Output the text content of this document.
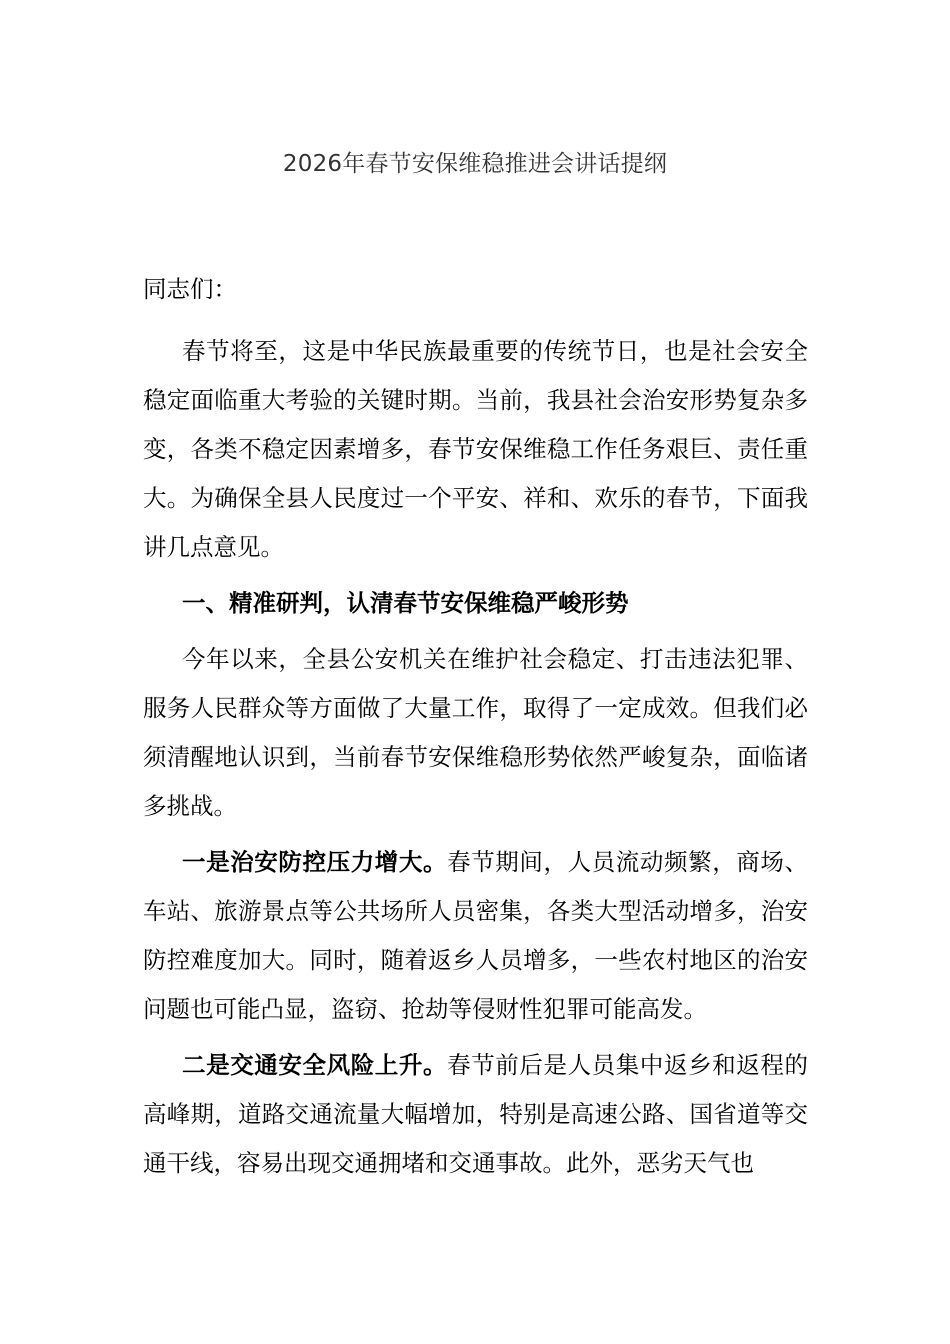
2026年春节安保维稳推进会讲话提纲
同志们：

春节将至，这是中华民族最重要的传统节日，也是社会安全稳定面临重大考验的关键时期。当前，我县社会治安形势复杂多变，各类不稳定因素增多，春节安保维稳工作任务艰巨、责任重大。为确保全县人民度过一个平安、祥和、欢乐的春节，下面我讲几点意见。

一、精准研判，认清春节安保维稳严峻形势

今年以来，全县公安机关在维护社会稳定、打击违法犯罪、服务人民群众等方面做了大量工作，取得了一定成效。但我们必须清醒地认识到，当前春节安保维稳形势依然严峻复杂，面临诸多挑战。

一是治安防控压力增大。春节期间，人员流动频繁，商场、车站、旅游景点等公共场所人员密集，各类大型活动增多，治安防控难度加大。同时，随着返乡人员增多，一些农村地区的治安问题也可能凸显，盗窃、抢劫等侵财性犯罪可能高发。

二是交通安全风险上升。春节前后是人员集中返乡和返程的高峰期，道路交通流量大幅增加，特别是高速公路、国省道等交通干线，容易出现交通拥堵和交通事故。此外，恶劣天气也
